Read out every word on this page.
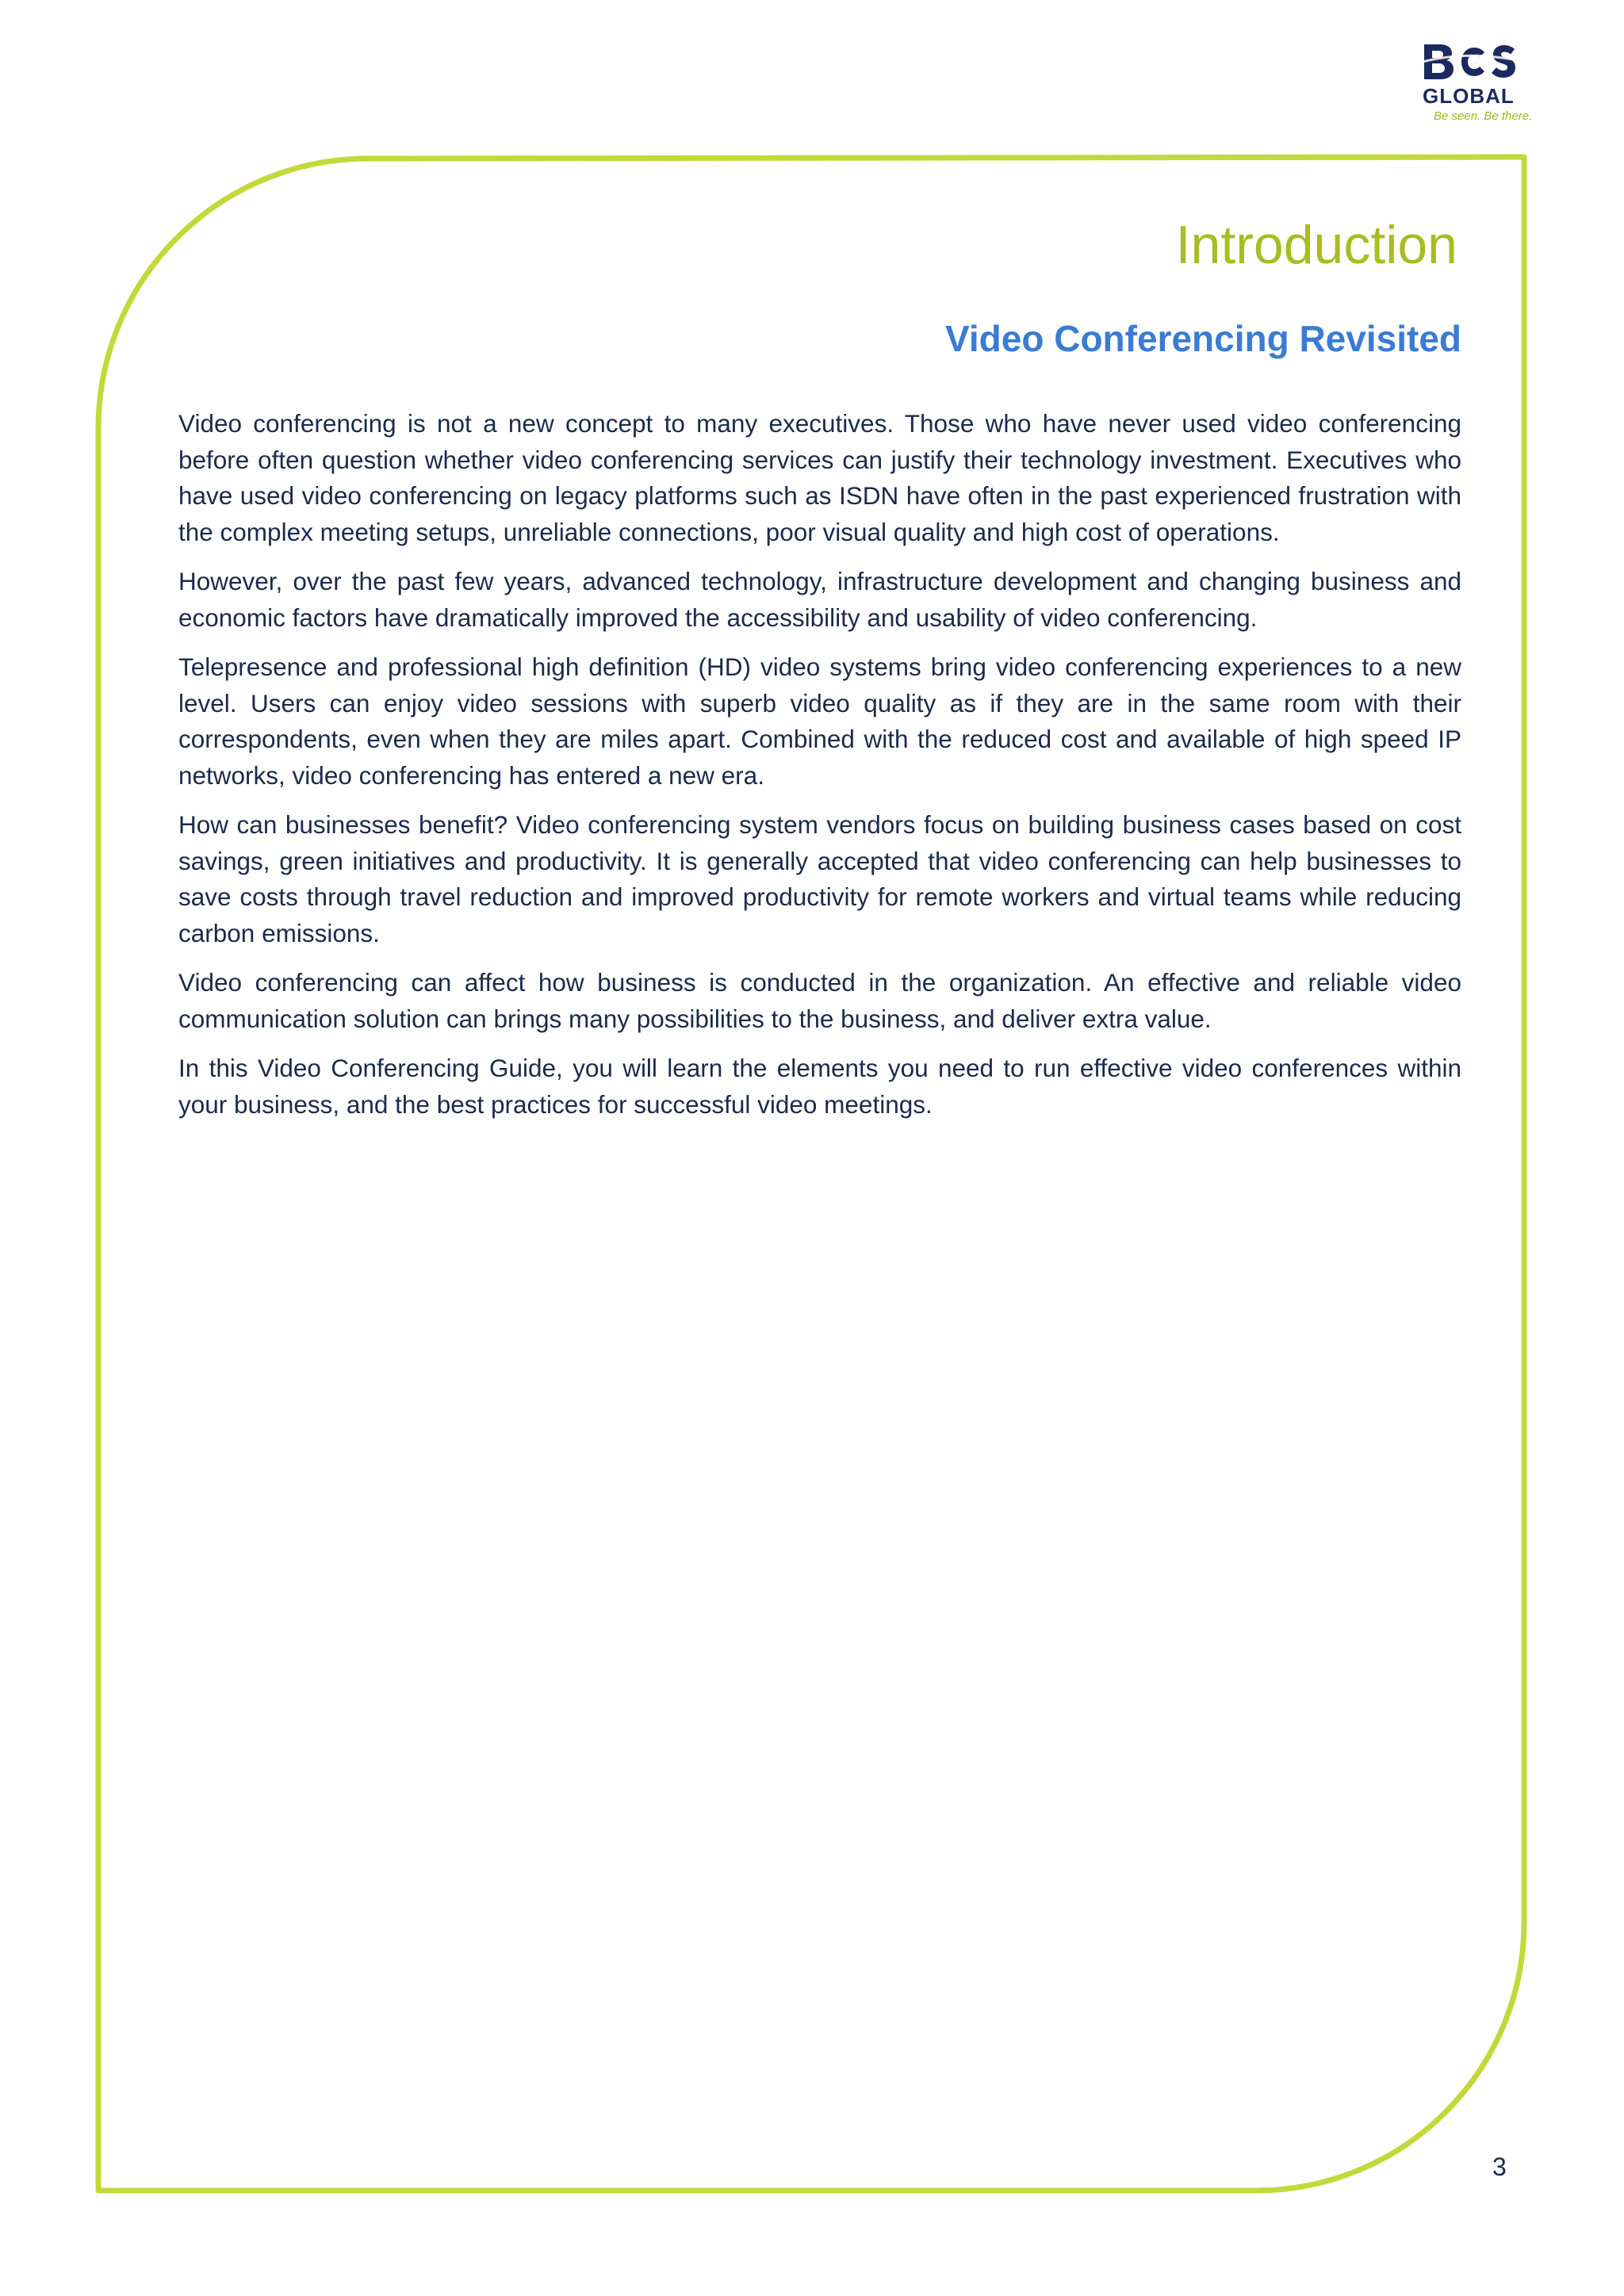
GLOBAL
Be seen. Be there.
Introduction
Video Conferencing Revisited

Video conferencing is not a new concept to many executives. Those who have never used video conferencing before often question whether video conferencing services can justify their technology investment. Executives who have used video conferencing on legacy platforms such as ISDN have often in the past experienced frustration with the complex meeting setups, unreliable connections, poor visual quality and high cost of operations.

However, over the past few years, advanced technology, infrastructure development and changing business and economic factors have dramatically improved the accessibility and usability of video conferencing.

Telepresence and professional high definition (HD) video systems bring video conferencing experiences to a new level. Users can enjoy video sessions with superb video quality as if they are in the same room with their correspondents, even when they are miles apart. Combined with the reduced cost and available of high speed IP networks, video conferencing has entered a new era.

How can businesses benefit? Video conferencing system vendors focus on building business cases based on cost savings, green initiatives and productivity. It is generally accepted that video conferencing can help businesses to save costs through travel reduction and improved productivity for remote workers and virtual teams while reducing carbon emissions.

Video conferencing can affect how business is conducted in the organization. An effective and reliable video communication solution can brings many possibilities to the business, and deliver extra value.

In this Video Conferencing Guide, you will learn the elements you need to run effective video conferences within your business, and the best practices for successful video meetings.

3
